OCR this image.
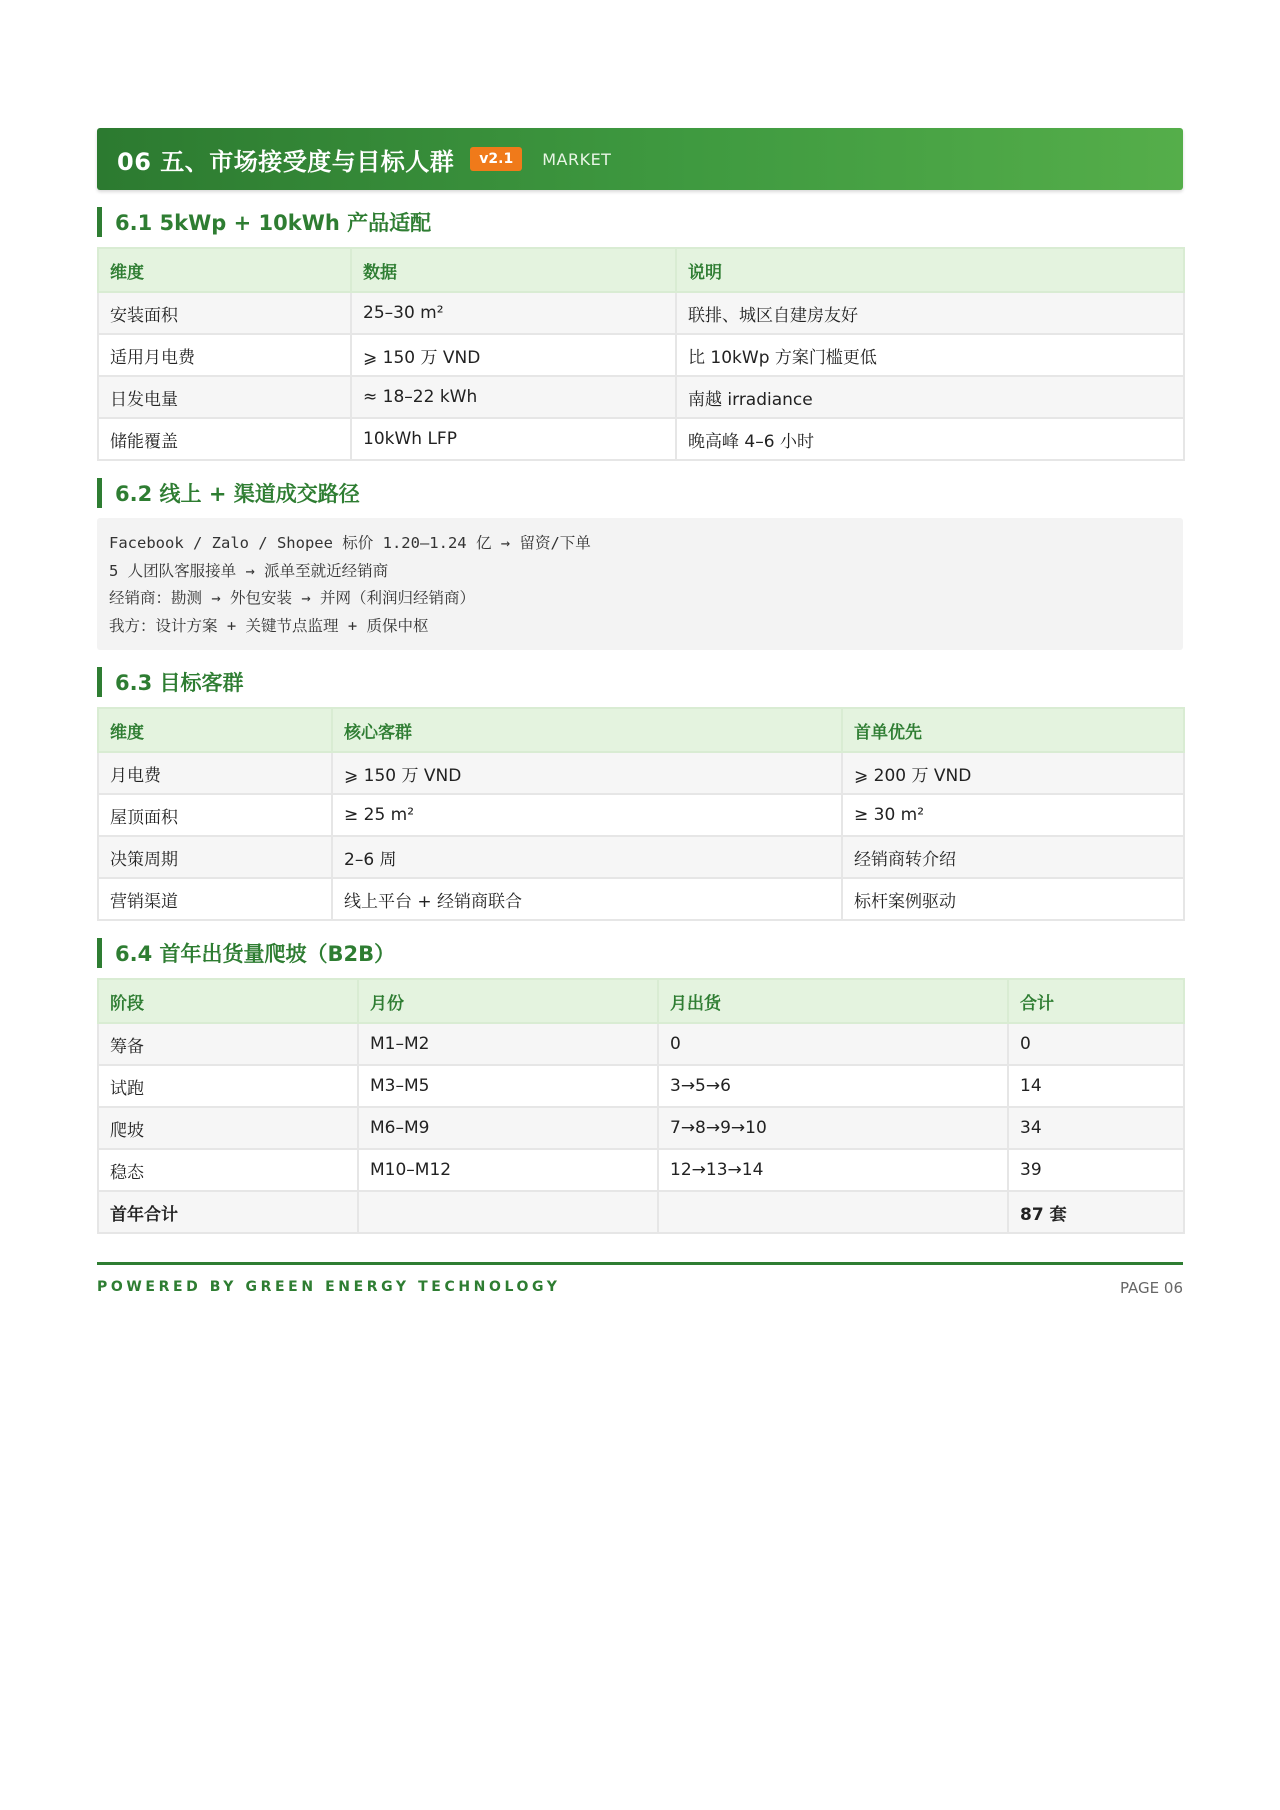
06 五、市场接受度与目标人群	v2.1	MARKET
6.1 5kWp + 10kWh 产品适配
维度	数据	说明
安装面积	25–30 m²	联排、城区自建房友好
适用月电费	⩾ 150 万 VND	比 10kWp 方案门槛更低
日发电量	≈ 18–22 kWh	南越 irradiance
储能覆盖	10kWh LFP	晚高峰 4–6 小时
6.2 线上 + 渠道成交路径
Facebook / Zalo / Shopee 标价 1.20–1.24 亿 → 留资/下单
5 人团队客服接单 → 派单至就近经销商
经销商：勘测 → 外包安装 → 并网（利润归经销商）
我方：设计方案 + 关键节点监理 + 质保中枢
6.3 目标客群
维度	核心客群	首单优先
月电费	⩾ 150 万 VND	⩾ 200 万 VND
屋顶面积	≥ 25 m²	≥ 30 m²
决策周期	2–6 周	经销商转介绍
营销渠道	线上平台 + 经销商联合	标杆案例驱动
6.4 首年出货量爬坡（B2B）
阶段	月份	月出货	合计
筹备	M1–M2	0	0
试跑	M3–M5	3→5→6	14
爬坡	M6–M9	7→8→9→10	34
稳态	M10–M12	12→13→14	39
首年合计			87 套
POWERED BY GREEN ENERGY TECHNOLOGY	PAGE 06
